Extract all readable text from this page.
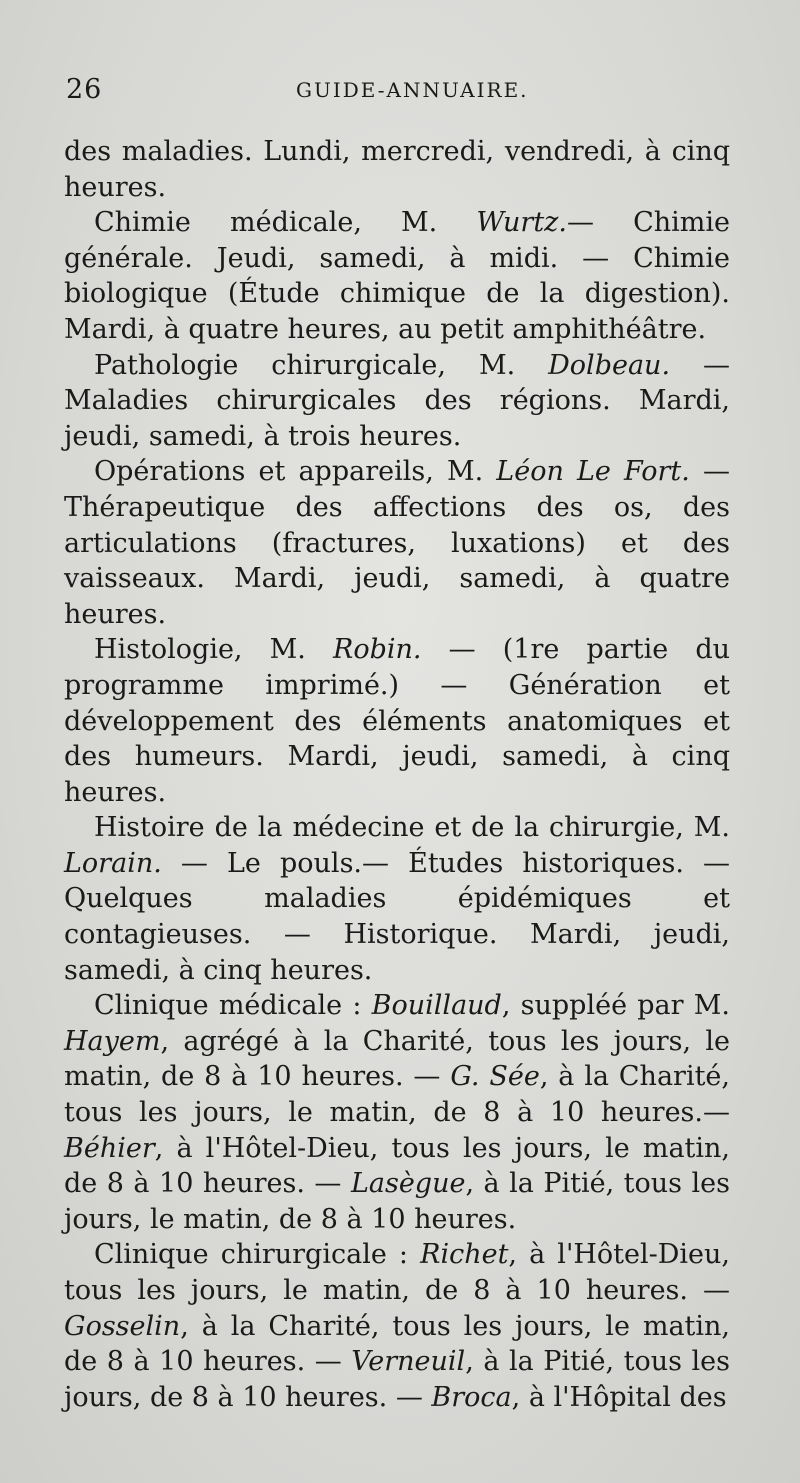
26	GUIDE-ANNUAIRE.

des maladies. Lundi, mercredi, vendredi, à cinq heures.

Chimie médicale, M. Wurtz.— Chimie générale. Jeudi, samedi, à midi. — Chimie biologique (Étude chimique de la digestion). Mardi, à quatre heures, au petit amphithéâtre.

Pathologie chirurgicale, M. Dolbeau. — Maladies chirurgicales des régions. Mardi, jeudi, samedi, à trois heures.

Opérations et appareils, M. Léon Le Fort. — Thérapeutique des affections des os, des articulations (fractures, luxations) et des vaisseaux. Mardi, jeudi, samedi, à quatre heures.

Histologie, M. Robin. — (1re partie du programme imprimé.) — Génération et développement des éléments anatomiques et des humeurs. Mardi, jeudi, samedi, à cinq heures.

Histoire de la médecine et de la chirurgie, M. Lorain. — Le pouls.— Études historiques. — Quelques maladies épidémiques et contagieuses. — Historique. Mardi, jeudi, samedi, à cinq heures.

Clinique médicale : Bouillaud, suppléé par M. Hayem, agrégé à la Charité, tous les jours, le matin, de 8 à 10 heures. — G. Sée, à la Charité, tous les jours, le matin, de 8 à 10 heures.— Béhier, à l'Hôtel-Dieu, tous les jours, le matin, de 8 à 10 heures. — Lasègue, à la Pitié, tous les jours, le matin, de 8 à 10 heures.

Clinique chirurgicale : Richet, à l'Hôtel-Dieu, tous les jours, le matin, de 8 à 10 heures. — Gosselin, à la Charité, tous les jours, le matin, de 8 à 10 heures. — Verneuil, à la Pitié, tous les jours, de 8 à 10 heures. — Broca, à l'Hôpital des
